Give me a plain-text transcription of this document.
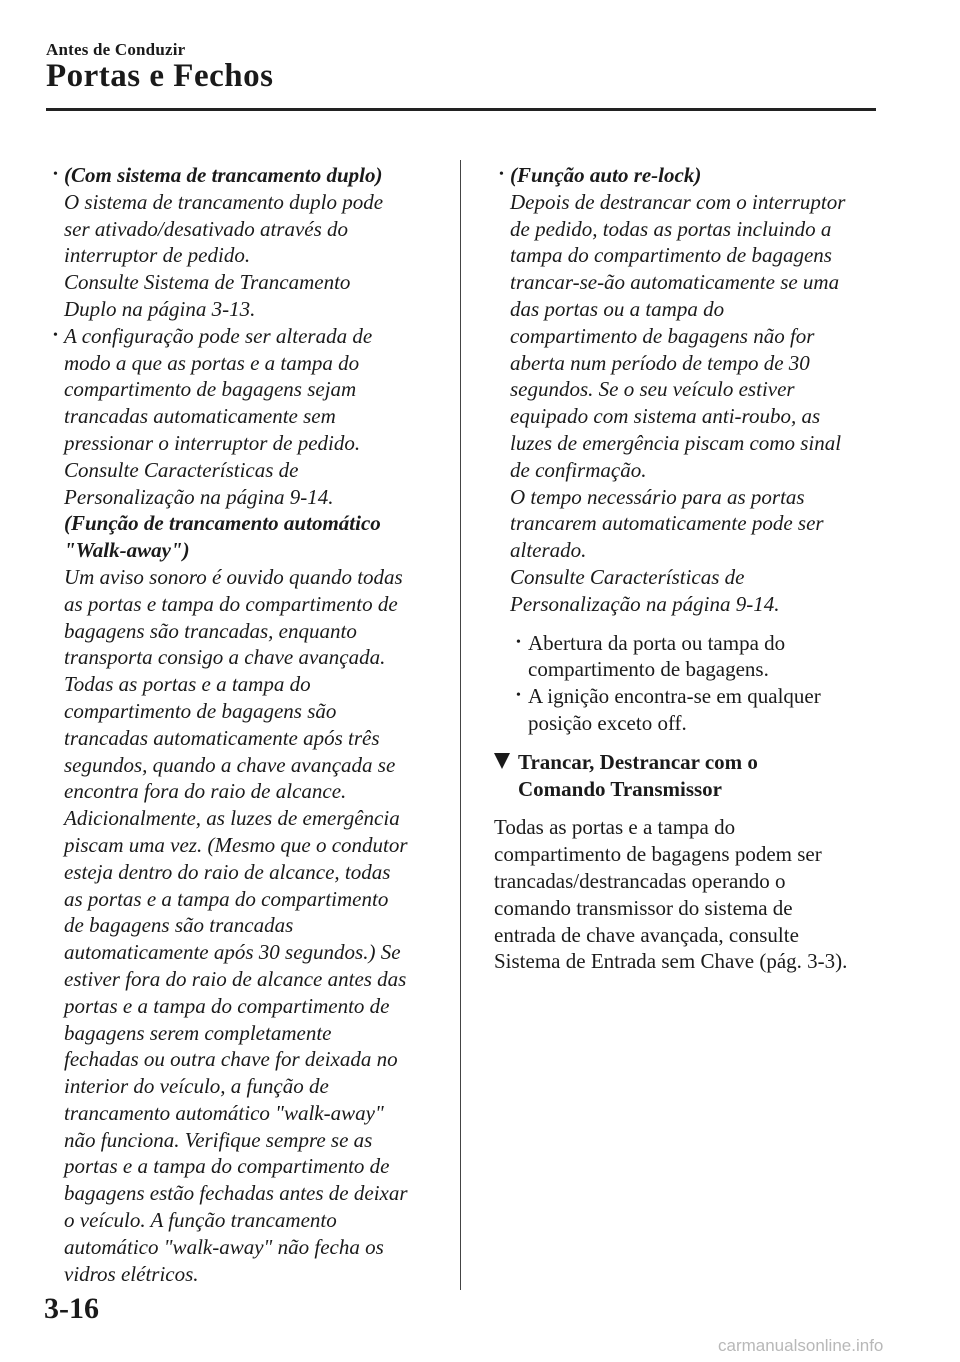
Antes de Conduzir
Portas e Fechos
• (Com sistema de trancamento duplo)
O sistema de trancamento duplo pode
ser ativado/desativado através do
interruptor de pedido.
Consulte Sistema de Trancamento
Duplo na página 3-13.
• A configuração pode ser alterada de
modo a que as portas e a tampa do
compartimento de bagagens sejam
trancadas automaticamente sem
pressionar o interruptor de pedido.
Consulte Características de
Personalização na página 9-14.
(Função de trancamento automático
"Walk-away")
Um aviso sonoro é ouvido quando todas
as portas e tampa do compartimento de
bagagens são trancadas, enquanto
transporta consigo a chave avançada.
Todas as portas e a tampa do
compartimento de bagagens são
trancadas automaticamente após três
segundos, quando a chave avançada se
encontra fora do raio de alcance.
Adicionalmente, as luzes de emergência
piscam uma vez. (Mesmo que o condutor
esteja dentro do raio de alcance, todas
as portas e a tampa do compartimento
de bagagens são trancadas
automaticamente após 30 segundos.) Se
estiver fora do raio de alcance antes das
portas e a tampa do compartimento de
bagagens serem completamente
fechadas ou outra chave for deixada no
interior do veículo, a função de
trancamento automático "walk-away"
não funciona. Verifique sempre se as
portas e a tampa do compartimento de
bagagens estão fechadas antes de deixar
o veículo. A função trancamento
automático "walk-away" não fecha os
vidros elétricos.
• (Função auto re-lock)
Depois de destrancar com o interruptor
de pedido, todas as portas incluindo a
tampa do compartimento de bagagens
trancar-se-ão automaticamente se uma
das portas ou a tampa do
compartimento de bagagens não for
aberta num período de tempo de 30
segundos. Se o seu veículo estiver
equipado com sistema anti-roubo, as
luzes de emergência piscam como sinal
de confirmação.
O tempo necessário para as portas
trancarem automaticamente pode ser
alterado.
Consulte Características de
Personalização na página 9-14.
• Abertura da porta ou tampa do
compartimento de bagagens.
• A ignição encontra-se em qualquer
posição exceto off.
Trancar, Destrancar com o
Comando Transmissor
Todas as portas e a tampa do
compartimento de bagagens podem ser
trancadas/destrancadas operando o
comando transmissor do sistema de
entrada de chave avançada, consulte
Sistema de Entrada sem Chave (pág. 3-3).
3-16
carmanualsonline.info
